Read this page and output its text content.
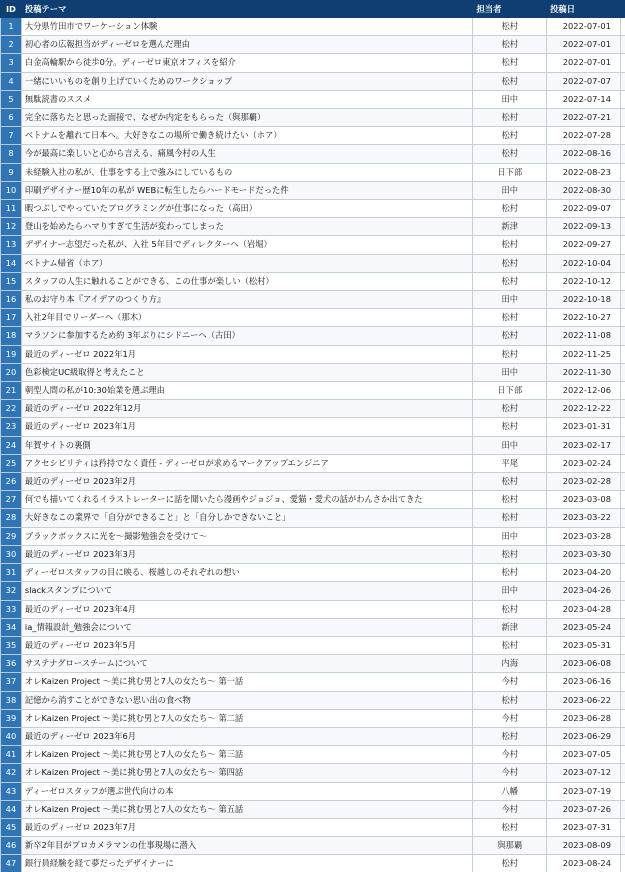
ID	投稿テーマ	担当者	投稿日	
1	大分県竹田市でワーケーション体験	松村	2022-07-01	
2	初心者の広報担当がディーゼロを選んだ理由	松村	2022-07-01	
3	白金高輪駅から徒歩0分。ディーゼロ東京オフィスを紹介	松村	2022-07-01	
4	一緒にいいものを創り上げていくためのワークショップ	松村	2022-07-07	
5	無駄読書のススメ	田中	2022-07-14	
6	完全に落ちたと思った面接で、なぜか内定をもらった（與那覇）	松村	2022-07-21	
7	ベトナムを離れて日本へ。大好きなこの場所で働き続けたい（ホア）	松村	2022-07-28	
8	今が最高に楽しいと心から言える、痛風今村の人生	松村	2022-08-16	
9	未経験入社の私が、仕事をする上で強みにしているもの	日下部	2022-08-23	
10	印刷デザイナー歴10年の私が WEBに転生したらハードモードだった件	田中	2022-08-30	
11	暇つぶしでやっていたプログラミングが仕事になった（高田）	松村	2022-09-07	
12	登山を始めたらハマりすぎて生活が変わってしまった	新津	2022-09-13	
13	デザイナー志望だった私が、入社 5年目でディレクターへ（岩堀）	松村	2022-09-27	
14	ベトナム帰省（ホア）	松村	2022-10-04	
15	スタッフの人生に触れることができる、この仕事が楽しい（松村）	松村	2022-10-12	
16	私のお守り本『アイデアのつくり方』	田中	2022-10-18	
17	入社2年目でリーダーへ（那木）	松村	2022-10-27	
18	マラソンに参加するため約 3年ぶりにシドニーへ（古田）	松村	2022-11-08	
19	最近のディーゼロ 2022年1月	松村	2022-11-25	
20	色彩検定UC級取得と考えたこと	田中	2022-11-30	
21	朝型人間の私が10:30始業を選ぶ理由	日下部	2022-12-06	
22	最近のディーゼロ 2022年12月	松村	2022-12-22	
23	最近のディーゼロ 2023年1月	松村	2023-01-31	
24	年賀サイトの裏側	田中	2023-02-17	
25	アクセシビリティは矜持でなく責任 - ディーゼロが求めるマークアップエンジニア	平尾	2023-02-24	
26	最近のディーゼロ 2023年2月	松村	2023-02-28	
27	何でも描いてくれるイラストレーターに話を聞いたら漫画やジョジョ、愛猫・愛犬の話がわんさか出てきた	松村	2023-03-08	
28	大好きなこの業界で「自分ができること」と「自分しかできないこと」	松村	2023-03-22	
29	ブラックボックスに光を～撮影勉強会を受けて～	田中	2023-03-28	
30	最近のディーゼロ 2023年3月	松村	2023-03-30	
31	ディーゼロスタッフの目に映る、桜越しのそれぞれの想い	松村	2023-04-20	
32	slackスタンプについて	田中	2023-04-26	
33	最近のディーゼロ 2023年4月	松村	2023-04-28	
34	ia_情報設計_勉強会について	新津	2023-05-24	
35	最近のディーゼロ 2023年5月	松村	2023-05-31	
36	サステナグロースチームについて	内海	2023-06-08	
37	オレKaizen Project ～美に挑む男と7人の女たち～ 第一話	今村	2023-06-16	
38	記憶から消すことができない思い出の食べ物	松村	2023-06-22	
39	オレKaizen Project ～美に挑む男と7人の女たち～ 第二話	今村	2023-06-28	
40	最近のディーゼロ 2023年6月	松村	2023-06-29	
41	オレKaizen Project ～美に挑む男と7人の女たち～ 第三話	今村	2023-07-05	
42	オレKaizen Project ～美に挑む男と7人の女たち～ 第四話	今村	2023-07-12	
43	ディーゼロスタッフが選ぶ世代向けの本	八幡	2023-07-19	
44	オレKaizen Project ～美に挑む男と7人の女たち～ 第五話	今村	2023-07-26	
45	最近のディーゼロ 2023年7月	松村	2023-07-31	
46	新卒2年目がプロカメラマンの仕事現場に潜入	與那覇	2023-08-09	
47	銀行員経験を経て夢だったデザイナーに	松村	2023-08-24	
